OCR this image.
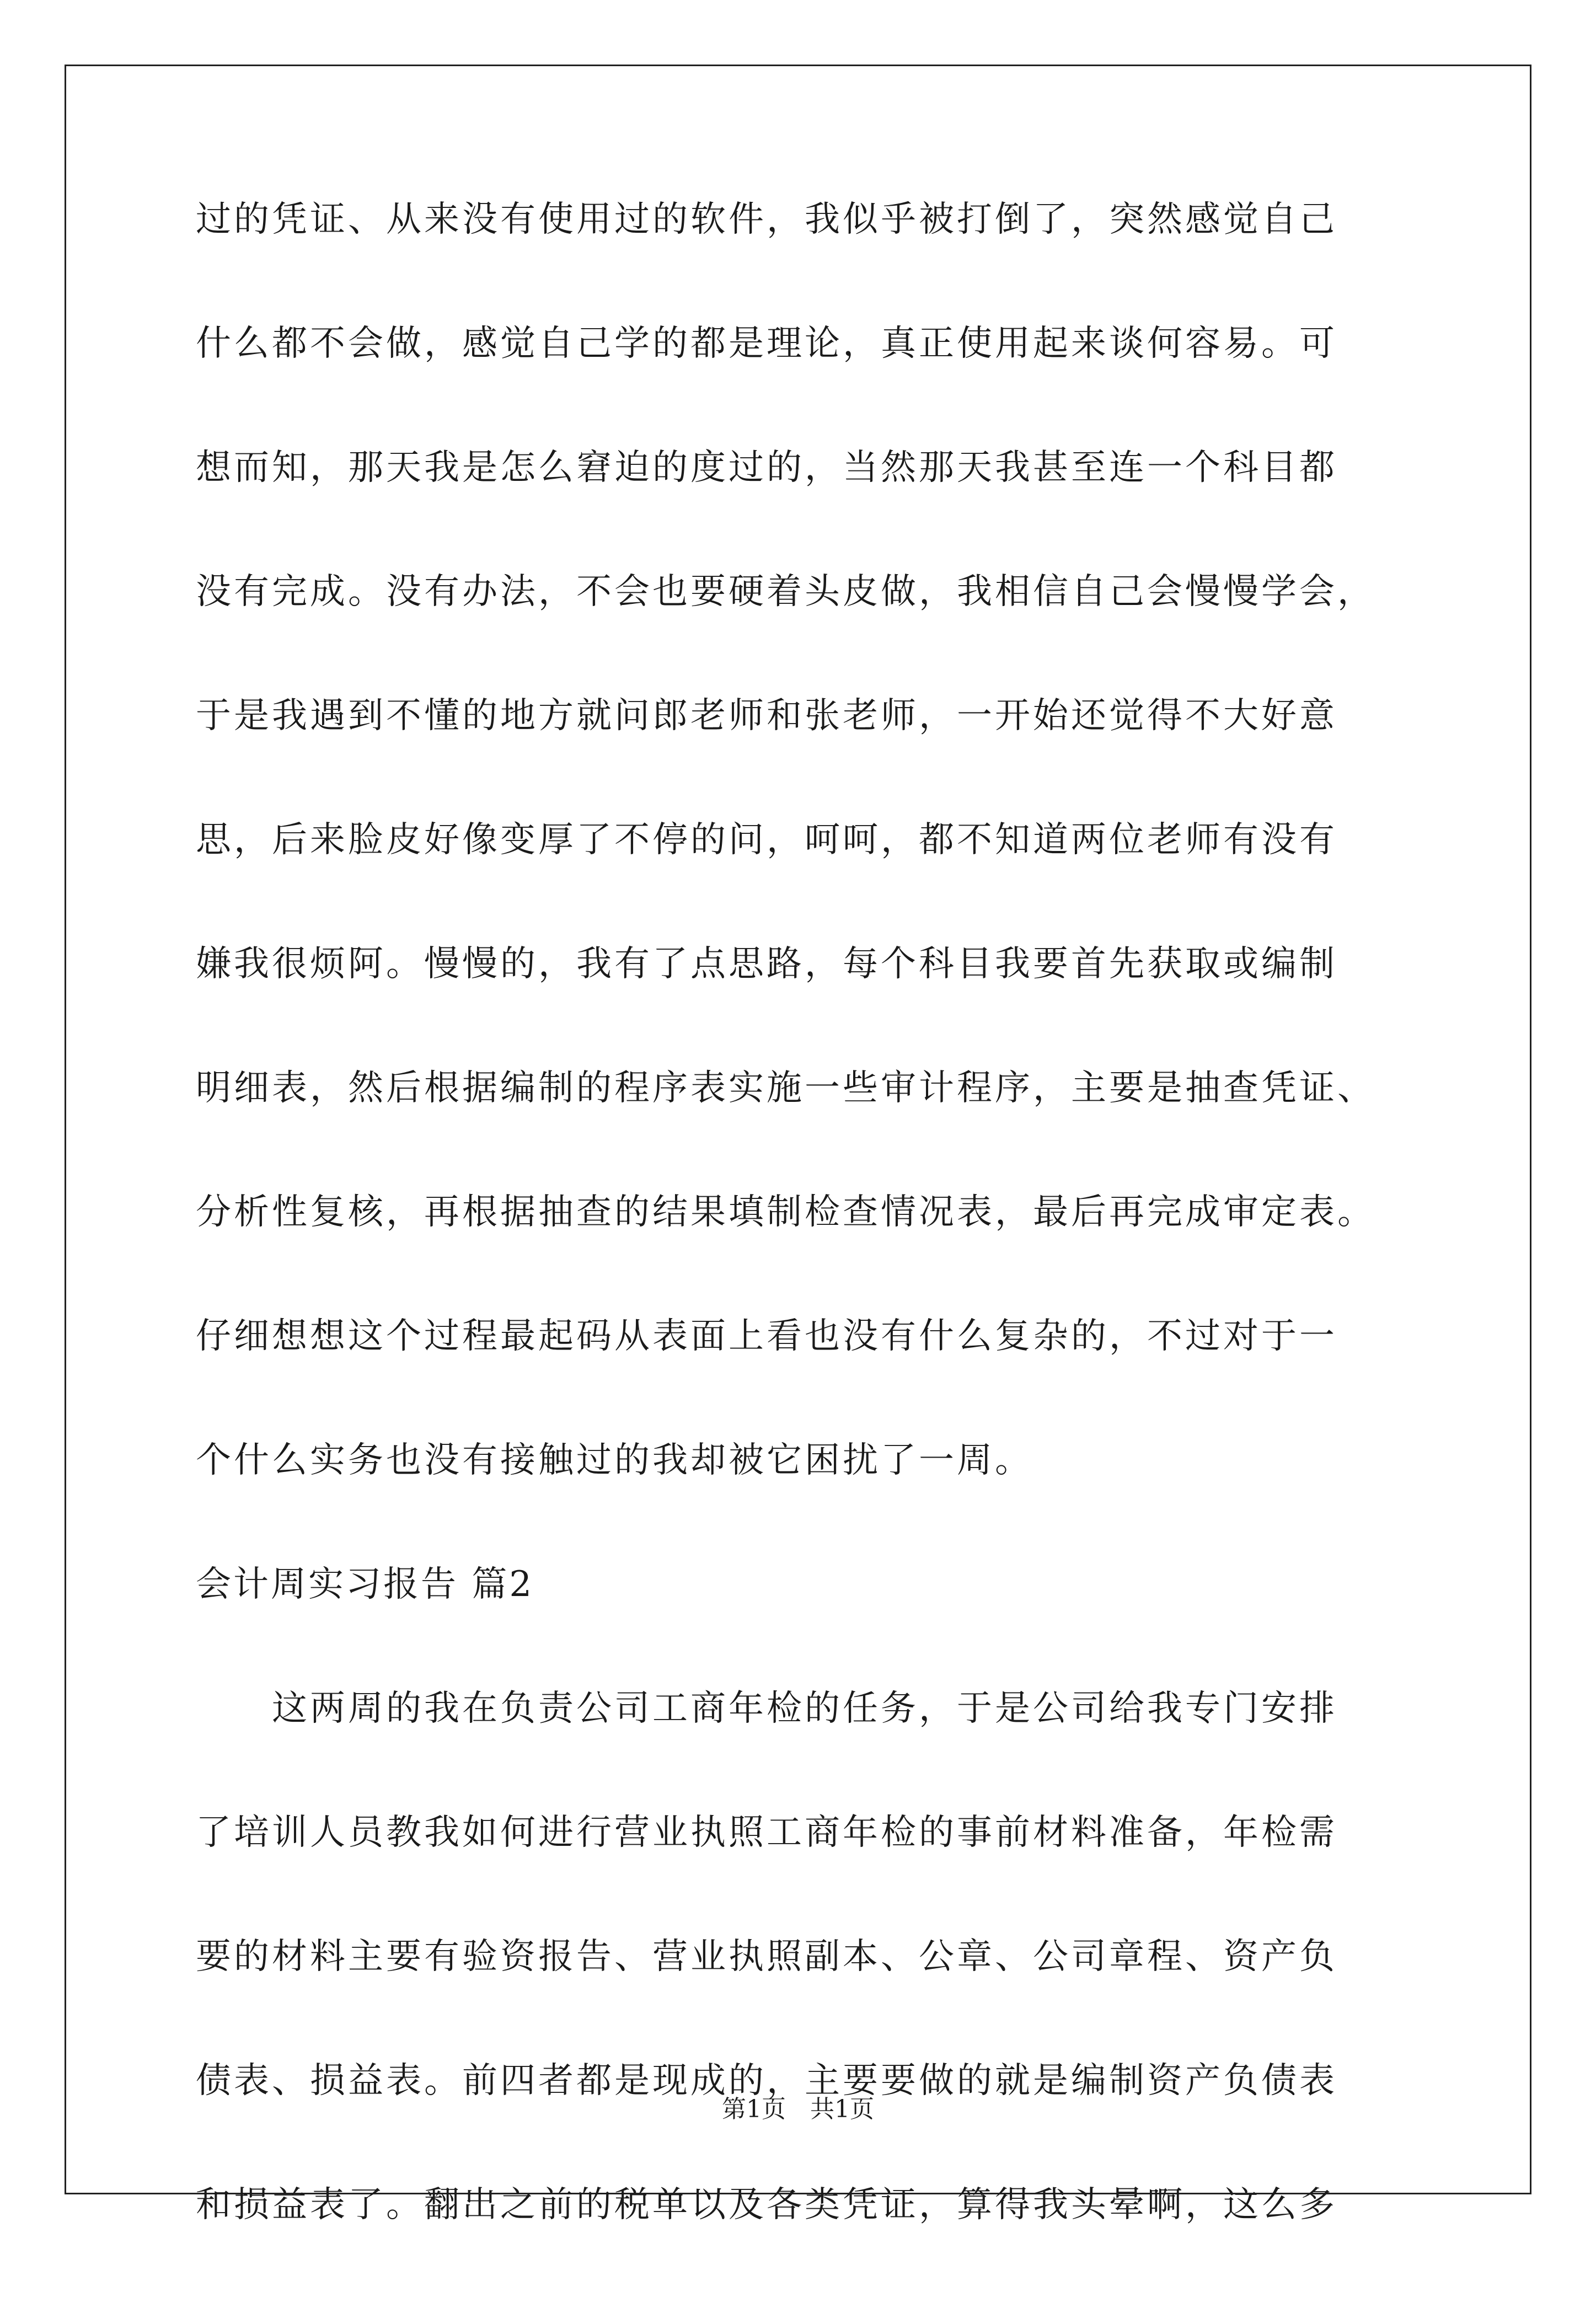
过的凭证、从来没有使用过的软件，我似乎被打倒了，突然感觉自己
什么都不会做，感觉自己学的都是理论，真正使用起来谈何容易。可
想而知，那天我是怎么窘迫的度过的，当然那天我甚至连一个科目都
没有完成。没有办法，不会也要硬着头皮做，我相信自己会慢慢学会，
于是我遇到不懂的地方就问郎老师和张老师，一开始还觉得不大好意
思，后来脸皮好像变厚了不停的问，呵呵，都不知道两位老师有没有
嫌我很烦阿。慢慢的，我有了点思路，每个科目我要首先获取或编制
明细表，然后根据编制的程序表实施一些审计程序，主要是抽查凭证、
分析性复核，再根据抽查的结果填制检查情况表，最后再完成审定表。
仔细想想这个过程最起码从表面上看也没有什么复杂的，不过对于一
个什么实务也没有接触过的我却被它困扰了一周。
会计周实习报告 篇2
　　这两周的我在负责公司工商年检的任务，于是公司给我专门安排
了培训人员教我如何进行营业执照工商年检的事前材料准备，年检需
要的材料主要有验资报告、营业执照副本、公章、公司章程、资产负
债表、损益表。前四者都是现成的，主要要做的就是编制资产负债表
和损益表了。翻出之前的税单以及各类凭证，算得我头晕啊，这么多
第1页　共1页
